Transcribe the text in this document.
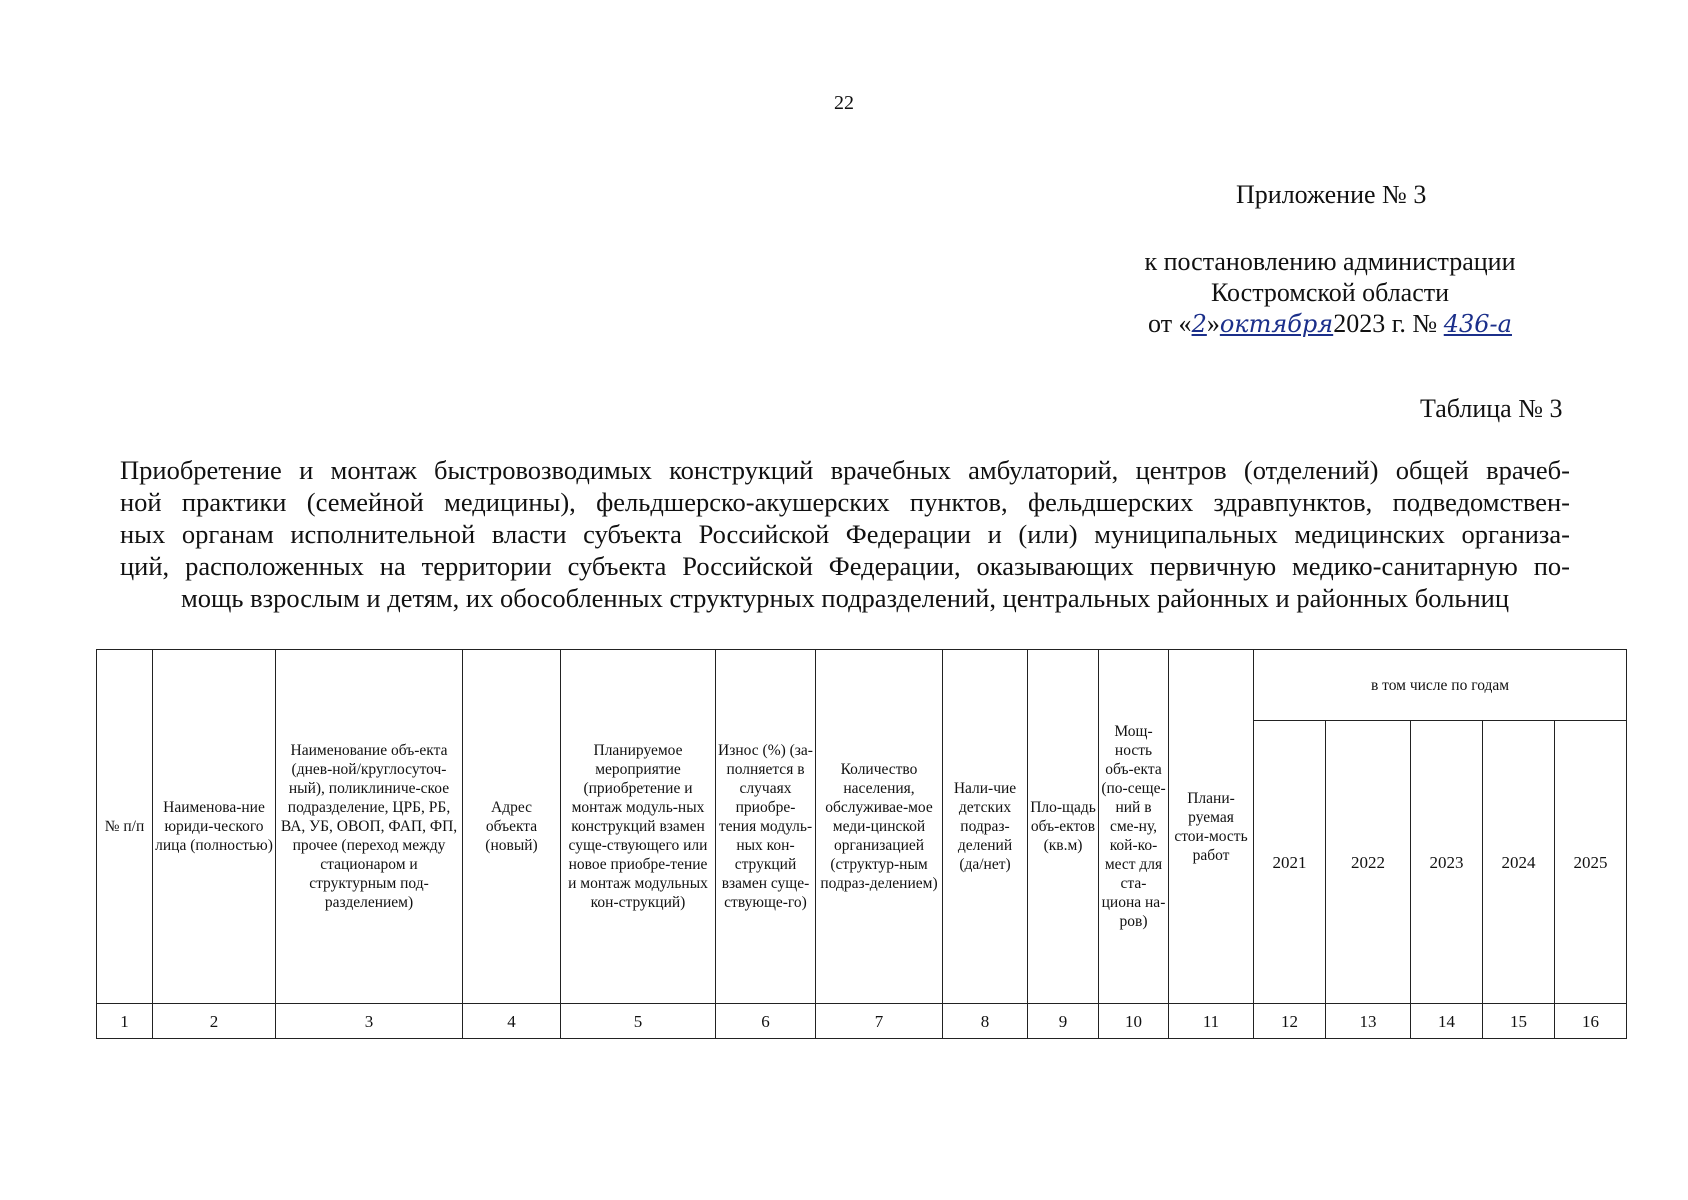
22
Приложение № 3
к постановлению администрации
Костромской области
от «2»октября2023 г. № 436-а
Таблица № 3
Приобретение и монтаж быстровозводимых конструкций врачебных амбулаторий, центров (отделений) общей врачеб-
ной практики (семейной медицины), фельдшерско-акушерских пунктов, фельдшерских здравпунктов, подведомствен-
ных органам исполнительной власти субъекта Российской Федерации и (или) муниципальных медицинских организа-
ций, расположенных на территории субъекта Российской Федерации, оказывающих первичную медико-санитарную по-
мощь взрослым и детям, их обособленных структурных подразделений, центральных районных и районных больниц
№ п/п	Наименова-ние юриди-ческого лица (полностью)	Наименование объ-екта (днев-ной/круглосуточ-ный), поликлиниче-ское подразделение, ЦРБ, РБ, ВА, УБ, ОВОП, ФАП, ФП, прочее (переход между стационаром и структурным под-разделением)	Адрес объекта (новый)	Планируемое мероприятие (приобретение и монтаж модуль-ных конструкций взамен суще-ствующего или новое приобре-тение и монтаж модульных кон-струкций)	Износ (%) (за-полняется в случаях приобре-тения модуль-ных кон-струкций взамен суще-ствующе-го)	Количество населения, обслуживае-мое меди-цинской организацией (структур-ным подраз-делением)	Нали-чие детских подраз-делений (да/нет)	Пло-щадь объ-ектов (кв.м)	Мощ-ность объ-екта (по-сеще-ний в сме-ну, кой-ко-мест для ста-циона на-ров)	Плани-руемая стои-мость работ	в том числе по годам				
											2021	2022	2023	2024	2025
1	2	3	4	5	6	7	8	9	10	11	12	13	14	15	16
